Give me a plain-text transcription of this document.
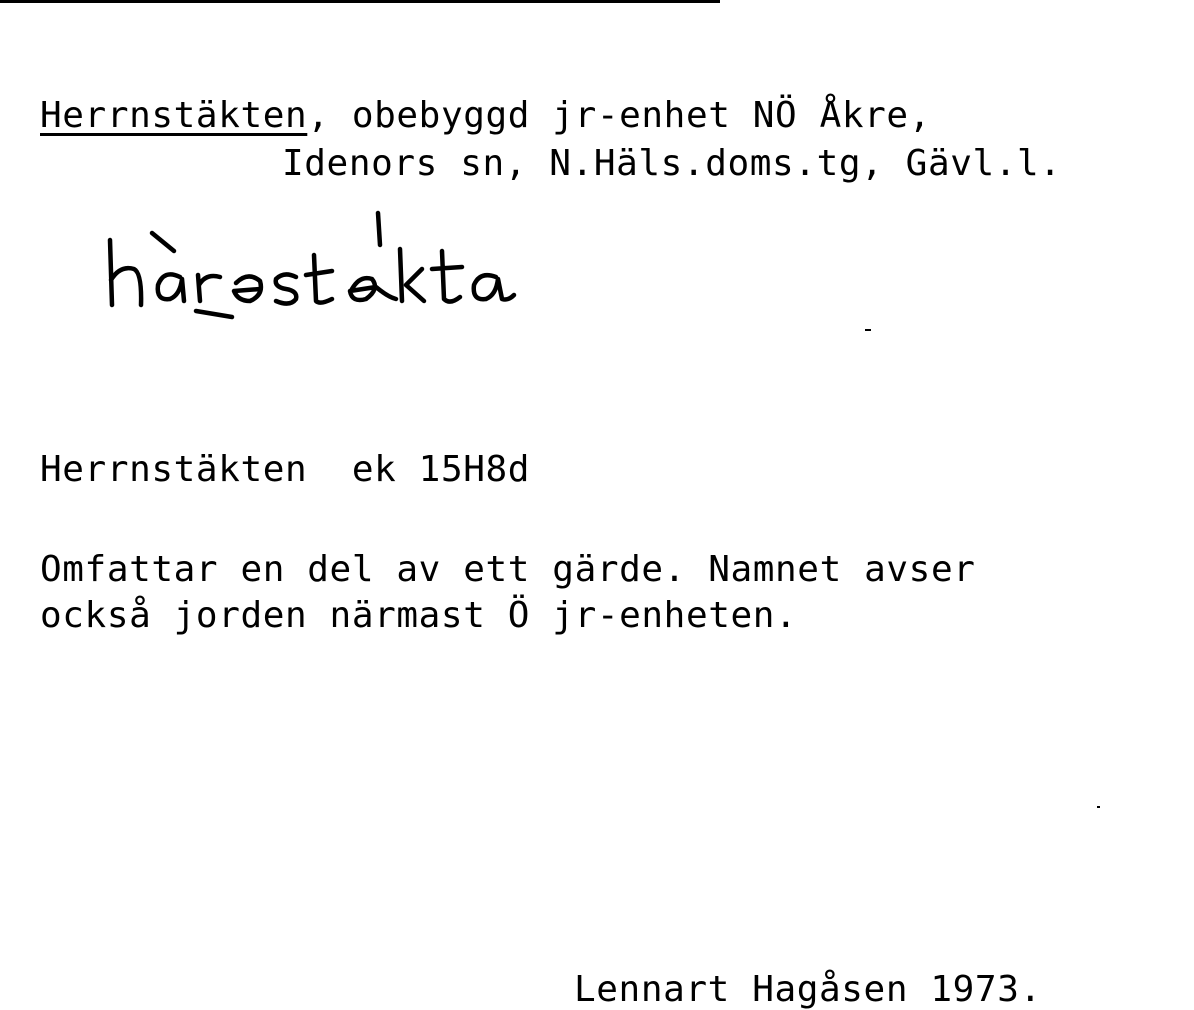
Herrnstäkten, obebyggd jr-enhet NÖ Åkre,
Idenors sn, N.Häls.doms.tg, Gävl.l.
Herrnstäkten ek 15H8d
Omfattar en del av ett gärde. Namnet avser
också jorden närmast Ö jr-enheten.
Lennart Hagåsen 1973.
